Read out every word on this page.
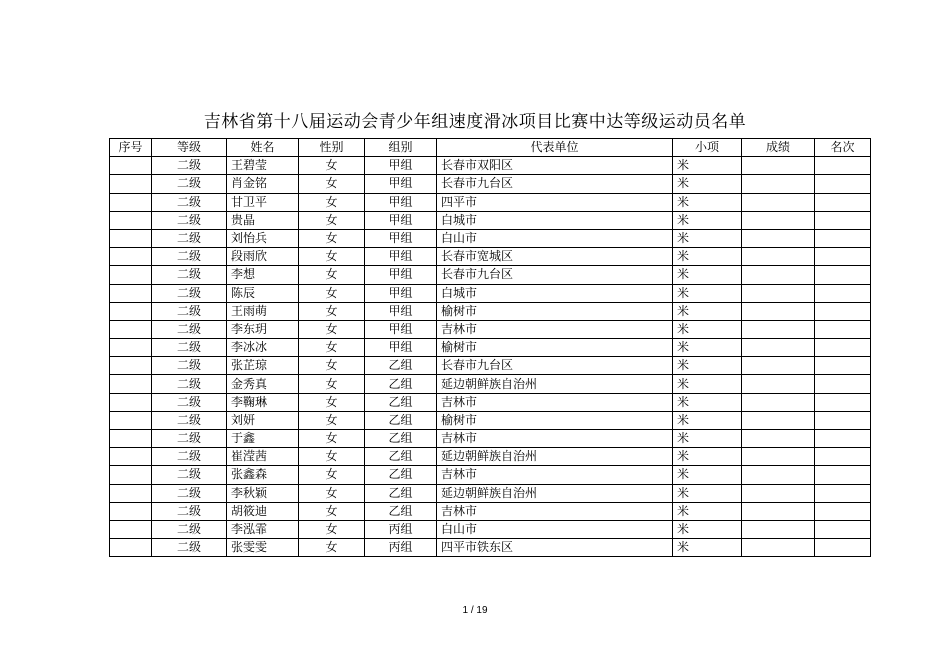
吉林省第十八届运动会青少年组速度滑冰项目比赛中达等级运动员名单
序号	等级	姓名	性别	组别	代表单位	小项	成绩	名次
	二级	王碧莹	女	甲组	长春市双阳区	米		
	二级	肖金铭	女	甲组	长春市九台区	米		
	二级	甘卫平	女	甲组	四平市	米		
	二级	贵晶	女	甲组	白城市	米		
	二级	刘怡兵	女	甲组	白山市	米		
	二级	段雨欣	女	甲组	长春市宽城区	米		
	二级	李想	女	甲组	长春市九台区	米		
	二级	陈辰	女	甲组	白城市	米		
	二级	王雨萌	女	甲组	榆树市	米		
	二级	李东玥	女	甲组	吉林市	米		
	二级	李冰冰	女	甲组	榆树市	米		
	二级	张芷琼	女	乙组	长春市九台区	米		
	二级	金秀真	女	乙组	延边朝鲜族自治州	米		
	二级	李鞠琳	女	乙组	吉林市	米		
	二级	刘妍	女	乙组	榆树市	米		
	二级	于鑫	女	乙组	吉林市	米		
	二级	崔滢茜	女	乙组	延边朝鲜族自治州	米		
	二级	张鑫森	女	乙组	吉林市	米		
	二级	李秋颖	女	乙组	延边朝鲜族自治州	米		
	二级	胡筱迪	女	乙组	吉林市	米		
	二级	李泓霏	女	丙组	白山市	米		
	二级	张雯雯	女	丙组	四平市铁东区	米		
1 / 19
